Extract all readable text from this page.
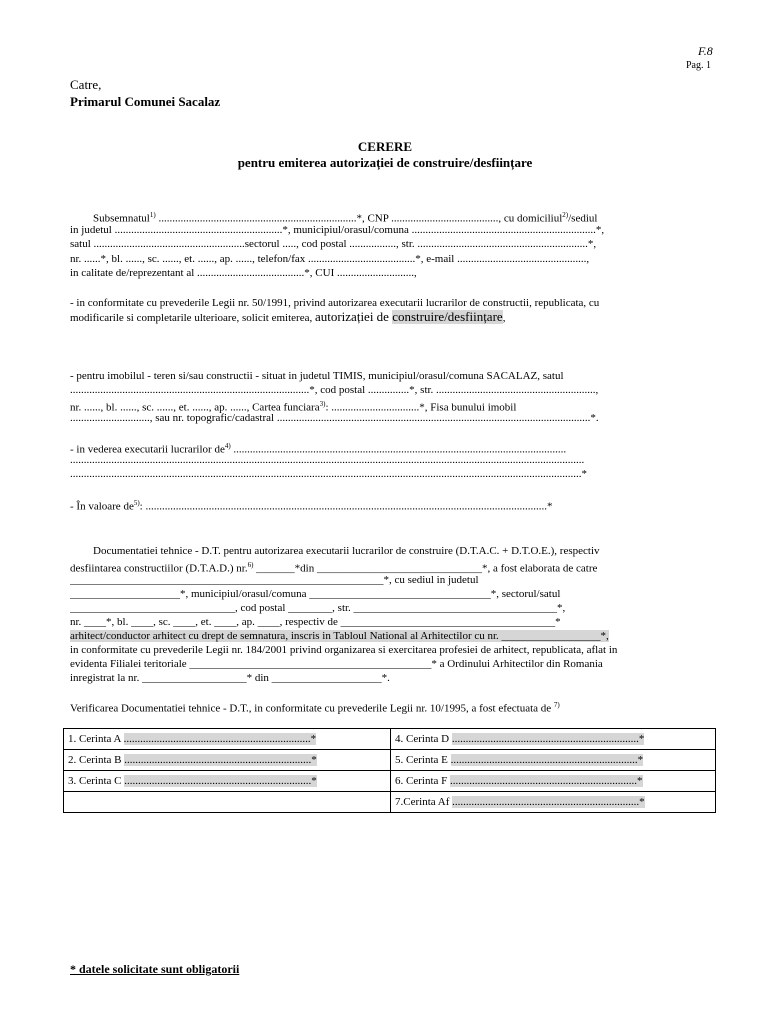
F.8
Pag. 1
Catre,
Primarul Comunei Sacalaz
CERERE
pentru emiterea autorizației de construire/desființare
Subsemnatul$^{1)}$ ........................................................................*, CNP ......................................., cu domiciliul$^{2)}$/sediul
in judetul .............................................................*, municipiul/orasul/comuna ...................................................................*,
satul .......................................................sectorul ....., cod postal ................., str. ..............................................................*,
nr. ......*, bl. ......, sc. ......, et. ......, ap. ......, telefon/fax .......................................*, e-mail ...............................................,
in calitate de/reprezentant al .......................................*, CUI ............................,
- in conformitate cu prevederile Legii nr. 50/1991, privind autorizarea executarii lucrarilor de constructii, republicata, cu
modificarile si completarile ulterioare, solicit emiterea, autorizației de construire/desființare,
- pentru imobilul - teren si/sau constructii - situat in judetul TIMIS, municipiul/orasul/comuna SACALAZ, satul
.......................................................................................*, cod postal ...............*, str. ..........................................................,
nr. ......, bl. ......, sc. ......, et. ......, ap. ......, Cartea funciara$^{3)}$: ................................*, Fisa bunului imobil
............................., sau nr. topografic/cadastral ..................................................................................................................*.
- in vederea executarii lucrarilor $de^{4)}$ .........................................................................................................................
...........................................................................................................................................................................................
..........................................................................................................................................................................................*
- În valoare $de^{5)}$: ..................................................................................................................................................*
Documentatiei tehnice - D.T. pentru autorizarea executarii lucrarilor de construire (D.T.A.C. + D.T.O.E.), respectiv
desfiintarea constructiilor (D.T.A.D.) nr.$^{6)}$ _______*din ______________________________*, a fost elaborata de catre
_________________________________________________________*, cu sediul in judetul
____________________*, municipiul/orasul/comuna _________________________________*, sectorul/satul
______________________________, cod postal ________, str. _____________________________________*,
nr. ____*, bl. ____, sc. ____, et. ____, ap. ____, respectiv de _______________________________________*
arhitect/conductor arhitect cu drept de semnatura, inscris in Tabloul National al Arhitectilor cu nr. __________________*,
in conformitate cu prevederile Legii nr. 184/2001 privind organizarea si exercitarea profesiei de arhitect, republicata, aflat in
evidenta Filialei teritoriale ____________________________________________* a Ordinului Arhitectilor din Romania
inregistrat la nr. ___________________* din ____________________*.
Verificarea Documentatiei tehnice - D.T., in conformitate cu prevederile Legii nr. 10/1995, a fost efectuata de $^{7)}$
1. Cerinta A ....................................................................*	4. Cerinta D ....................................................................*
2. Cerinta B ....................................................................*	5. Cerinta E ....................................................................*
3. Cerinta C ....................................................................*	6. Cerinta F ....................................................................*
	7.Cerinta Af ....................................................................*
* datele solicitate sunt obligatorii
